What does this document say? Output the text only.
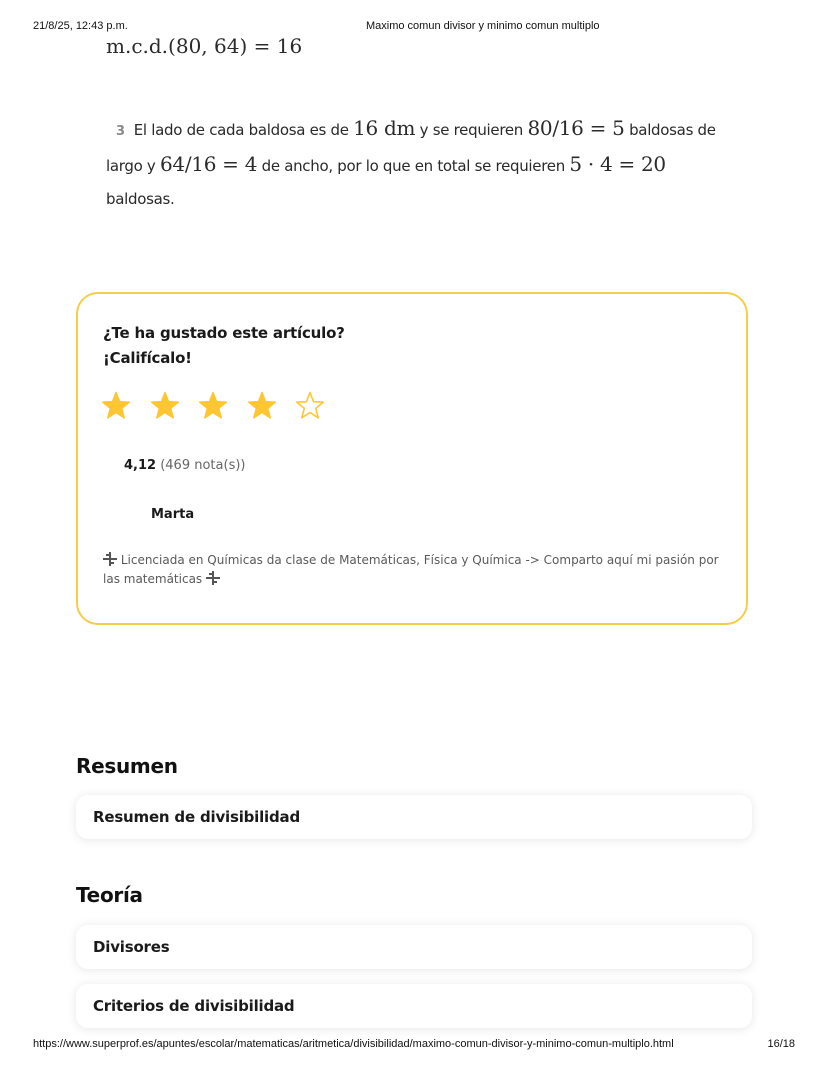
21/8/25, 12:43 p.m.	Maximo comun divisor y minimo comun multiplo
m.c.d.(80, 64) = 16
3 El lado de cada baldosa es de 16 dm y se requieren 80/16 = 5 baldosas de largo y 64/16 = 4 de ancho, por lo que en total se requieren 5 · 4 = 20 baldosas.
¿Te ha gustado este artículo?
¡Califícalo!
4,12 (469 nota(s))
Marta
Licenciada en Químicas da clase de Matemáticas, Física y Química -> Comparto aquí mi pasión por las matemáticas
Resumen
Resumen de divisibilidad
Teoría
Divisores
Criterios de divisibilidad
https://www.superprof.es/apuntes/escolar/matematicas/aritmetica/divisibilidad/maximo-comun-divisor-y-minimo-comun-multiplo.html	16/18
